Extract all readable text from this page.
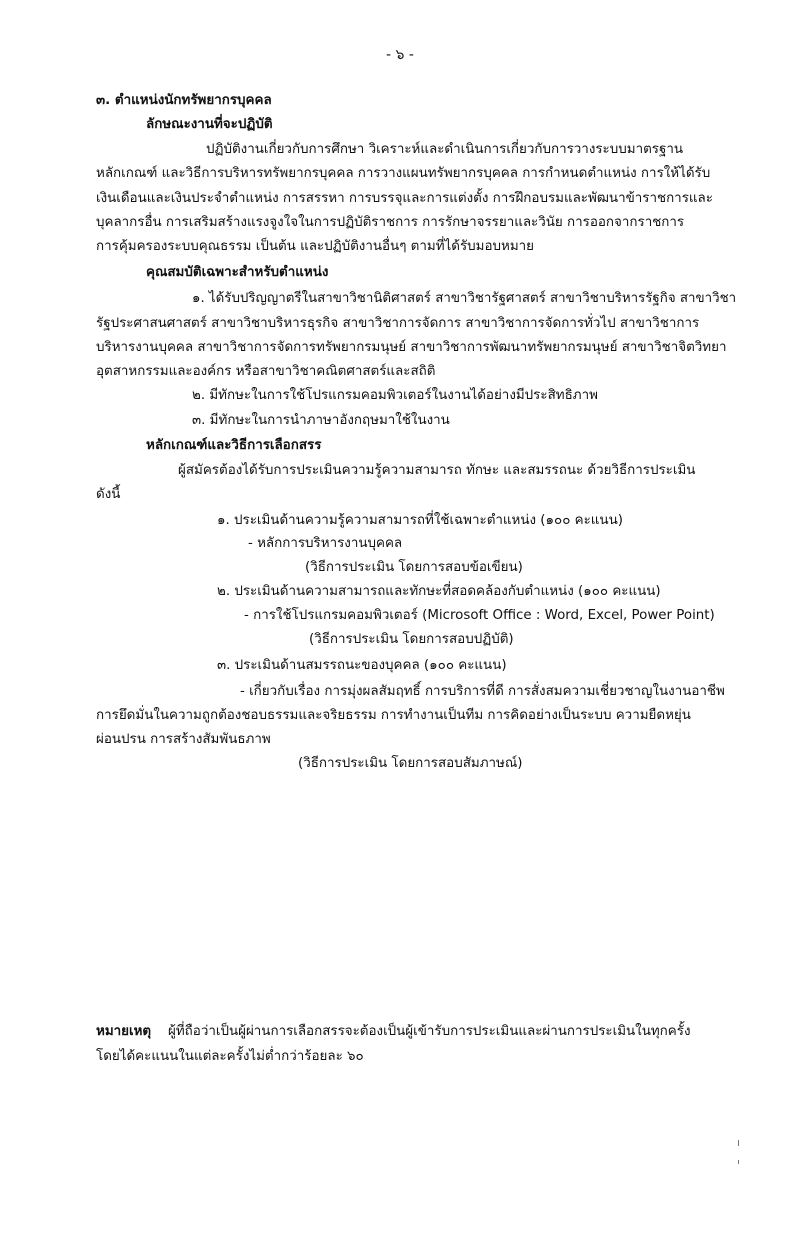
- ๖ -
๓. ตำแหน่งนักทรัพยากรบุคคล
ลักษณะงานที่จะปฏิบัติ
ปฏิบัติงานเกี่ยวกับการศึกษา วิเคราะห์และดำเนินการเกี่ยวกับการวางระบบมาตรฐาน
หลักเกณฑ์ และวิธีการบริหารทรัพยากรบุคคล การวางแผนทรัพยากรบุคคล การกำหนดตำแหน่ง การให้ได้รับ
เงินเดือนและเงินประจำตำแหน่ง การสรรหา การบรรจุและการแต่งตั้ง การฝึกอบรมและพัฒนาข้าราชการและ
บุคลากรอื่น การเสริมสร้างแรงจูงใจในการปฏิบัติราชการ การรักษาจรรยาและวินัย การออกจากราชการ
การคุ้มครองระบบคุณธรรม เป็นต้น และปฏิบัติงานอื่นๆ ตามที่ได้รับมอบหมาย
คุณสมบัติเฉพาะสำหรับตำแหน่ง
๑. ได้รับปริญญาตรีในสาขาวิชานิติศาสตร์ สาขาวิชารัฐศาสตร์ สาขาวิชาบริหารรัฐกิจ สาขาวิชา
รัฐประศาสนศาสตร์ สาขาวิชาบริหารธุรกิจ สาขาวิชาการจัดการ สาขาวิชาการจัดการทั่วไป สาขาวิชาการ
บริหารงานบุคคล สาขาวิชาการจัดการทรัพยากรมนุษย์ สาขาวิชาการพัฒนาทรัพยากรมนุษย์ สาขาวิชาจิตวิทยา
อุตสาหกรรมและองค์กร หรือสาขาวิชาคณิตศาสตร์และสถิติ
๒. มีทักษะในการใช้โปรแกรมคอมพิวเตอร์ในงานได้อย่างมีประสิทธิภาพ
๓. มีทักษะในการนำภาษาอังกฤษมาใช้ในงาน
หลักเกณฑ์และวิธีการเลือกสรร
ผู้สมัครต้องได้รับการประเมินความรู้ความสามารถ ทักษะ และสมรรถนะ ด้วยวิธีการประเมิน
ดังนี้
๑. ประเมินด้านความรู้ความสามารถที่ใช้เฉพาะตำแหน่ง (๑๐๐ คะแนน)
- หลักการบริหารงานบุคคล
(วิธีการประเมิน โดยการสอบข้อเขียน)
๒. ประเมินด้านความสามารถและทักษะที่สอดคล้องกับตำแหน่ง (๑๐๐ คะแนน)
- การใช้โปรแกรมคอมพิวเตอร์ (Microsoft Office : Word, Excel, Power Point)
(วิธีการประเมิน โดยการสอบปฏิบัติ)
๓. ประเมินด้านสมรรถนะของบุคคล (๑๐๐ คะแนน)
- เกี่ยวกับเรื่อง การมุ่งผลสัมฤทธิ์ การบริการที่ดี การสั่งสมความเชี่ยวชาญในงานอาชีพ
การยึดมั่นในความถูกต้องชอบธรรมและจริยธรรม การทำงานเป็นทีม การคิดอย่างเป็นระบบ ความยืดหยุ่น
ผ่อนปรน การสร้างสัมพันธภาพ
(วิธีการประเมิน โดยการสอบสัมภาษณ์)
หมายเหตุ ผู้ที่ถือว่าเป็นผู้ผ่านการเลือกสรรจะต้องเป็นผู้เข้ารับการประเมินและผ่านการประเมินในทุกครั้ง
โดยได้คะแนนในแต่ละครั้งไม่ต่ำกว่าร้อยละ ๖๐
